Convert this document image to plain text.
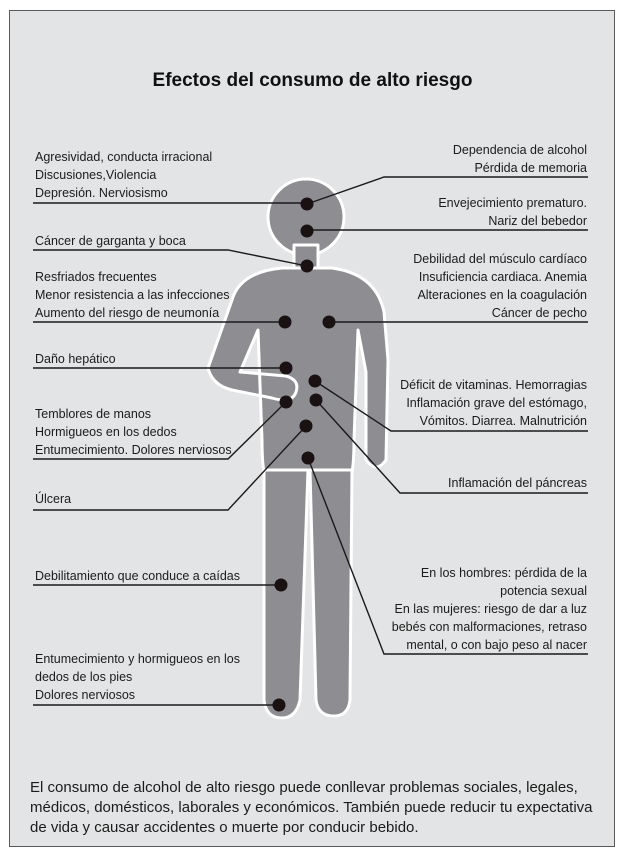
Efectos del consumo de alto riesgo
Agresividad, conducta irracional
Discusiones,Violencia
Depresión. Nerviosismo
Cáncer de garganta y boca
Resfriados frecuentes
Menor resistencia a las infecciones
Aumento del riesgo de neumonía
Daño hepático
Temblores de manos
Hormigueos en los dedos
Entumecimiento. Dolores nerviosos
Úlcera
Debilitamiento que conduce a caídas
Entumecimiento y hormigueos en los
dedos de los pies
Dolores nerviosos
Dependencia de alcohol
Pérdida de memoria
Envejecimiento prematuro.
Nariz del bebedor
Debilidad del músculo cardíaco
Insuficiencia cardiaca. Anemia
Alteraciones en la coagulación
Cáncer de pecho
Déficit de vitaminas. Hemorragias
Inflamación grave del estómago,
Vómitos. Diarrea. Malnutrición
Inflamación del páncreas
En los hombres: pérdida de la
potencia sexual
En las mujeres: riesgo de dar a luz
bebés con malformaciones, retraso
mental, o con bajo peso al nacer
El consumo de alcohol de alto riesgo puede conllevar problemas sociales, legales, médicos, domésticos, laborales y económicos. También puede reducir tu expectativa de vida y causar accidentes o muerte por conducir bebido.
